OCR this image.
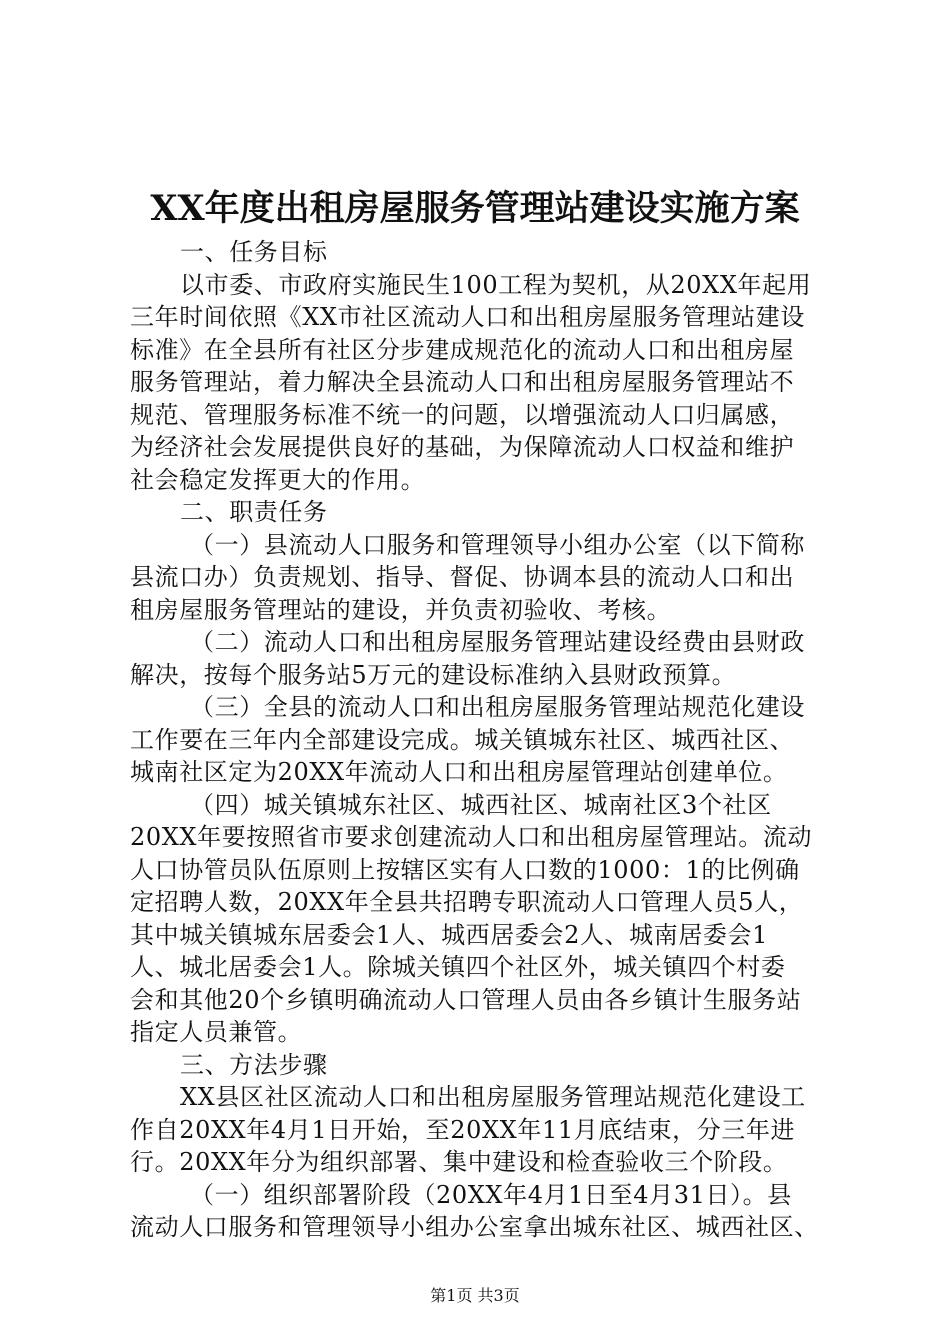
XX年度出租房屋服务管理站建设实施方案
一、任务目标
以市委、市政府实施民生100工程为契机，从20XX年起用
三年时间依照《XX市社区流动人口和出租房屋服务管理站建设
标准》在全县所有社区分步建成规范化的流动人口和出租房屋
服务管理站，着力解决全县流动人口和出租房屋服务管理站不
规范、管理服务标准不统一的问题，以增强流动人口归属感，
为经济社会发展提供良好的基础，为保障流动人口权益和维护
社会稳定发挥更大的作用。
二、职责任务
（一）县流动人口服务和管理领导小组办公室（以下简称
县流口办）负责规划、指导、督促、协调本县的流动人口和出
租房屋服务管理站的建设，并负责初验收、考核。
（二）流动人口和出租房屋服务管理站建设经费由县财政
解决，按每个服务站5万元的建设标准纳入县财政预算。
（三）全县的流动人口和出租房屋服务管理站规范化建设
工作要在三年内全部建设完成。城关镇城东社区、城西社区、
城南社区定为20XX年流动人口和出租房屋管理站创建单位。
（四）城关镇城东社区、城西社区、城南社区3个社区
20XX年要按照省市要求创建流动人口和出租房屋管理站。流动
人口协管员队伍原则上按辖区实有人口数的1000：1的比例确
定招聘人数，20XX年全县共招聘专职流动人口管理人员5人，
其中城关镇城东居委会1人、城西居委会2人、城南居委会1
人、城北居委会1人。除城关镇四个社区外，城关镇四个村委
会和其他20个乡镇明确流动人口管理人员由各乡镇计生服务站
指定人员兼管。
三、方法步骤
XX县区社区流动人口和出租房屋服务管理站规范化建设工
作自20XX年4月1日开始，至20XX年11月底结束，分三年进
行。20XX年分为组织部署、集中建设和检查验收三个阶段。
（一）组织部署阶段（20XX年4月1日至4月31日）。县
流动人口服务和管理领导小组办公室拿出城东社区、城西社区、
第1页 共3页
